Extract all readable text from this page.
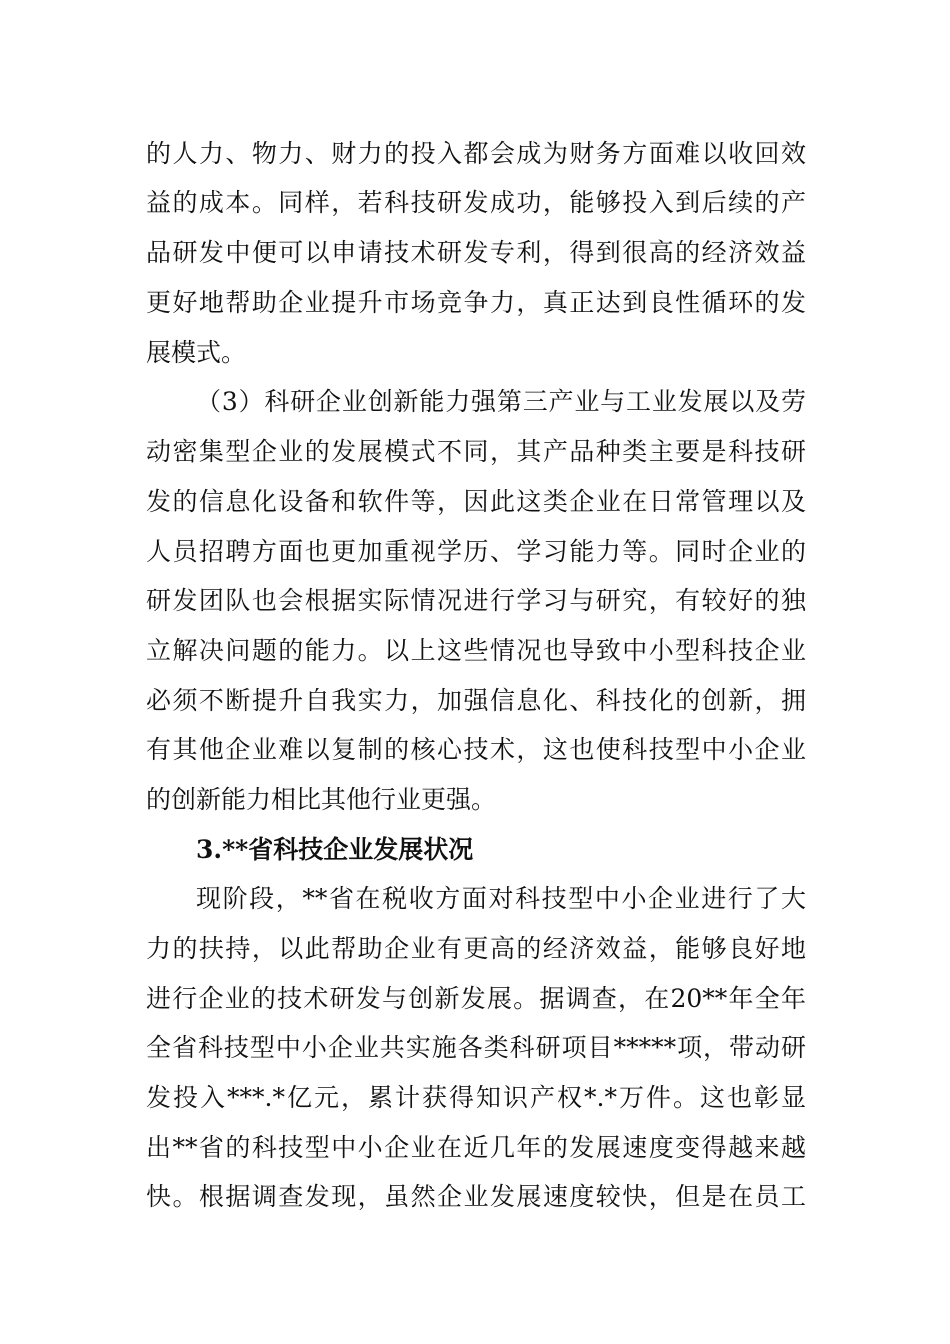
的人力、物力、财力的投入都会成为财务方面难以收回效
益的成本。同样，若科技研发成功，能够投入到后续的产
品研发中便可以申请技术研发专利，得到很高的经济效益
更好地帮助企业提升市场竞争力，真正达到良性循环的发
展模式。
（3）科研企业创新能力强第三产业与工业发展以及劳
动密集型企业的发展模式不同，其产品种类主要是科技研
发的信息化设备和软件等，因此这类企业在日常管理以及
人员招聘方面也更加重视学历、学习能力等。同时企业的
研发团队也会根据实际情况进行学习与研究，有较好的独
立解决问题的能力。以上这些情况也导致中小型科技企业
必须不断提升自我实力，加强信息化、科技化的创新，拥
有其他企业难以复制的核心技术，这也使科技型中小企业
的创新能力相比其他行业更强。
3.**省科技企业发展状况
现阶段，**省在税收方面对科技型中小企业进行了大
力的扶持，以此帮助企业有更高的经济效益，能够良好地
进行企业的技术研发与创新发展。据调查，在20**年全年
全省科技型中小企业共实施各类科研项目*****项，带动研
发投入***.*亿元，累计获得知识产权*.*万件。这也彰显
出**省的科技型中小企业在近几年的发展速度变得越来越
快。根据调查发现，虽然企业发展速度较快，但是在员工
